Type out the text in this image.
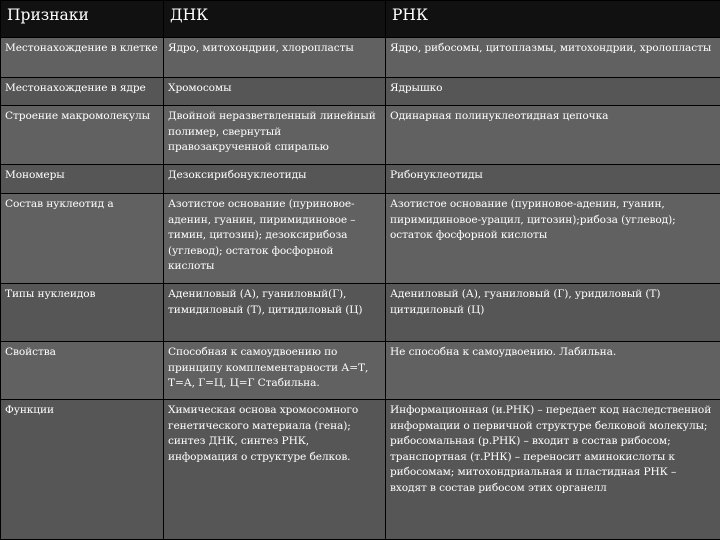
Признаки	ДНК	РНК
Местонахождение в клетке	Ядро, митохондрии, хлоропласты	Ядро, рибосомы, цитоплазмы, митохондрии, хролопласты
Местонахождение в ядре	Хромосомы	Ядрышко
Строение макромолекулы	Двойной неразветвленный линейный полимер, свернутый правозакрученной спиралью	Одинарная полинуклеотидная цепочка
Мономеры	Дезоксирибонуклеотиды	Рибонуклеотиды
Состав нуклеотид а	Азотистое основание (пуриновое-аденин, гуанин, пиримидиновое – тимин, цитозин); дезоксирибоза (углевод); остаток фосфорной кислоты	Азотистое основание (пуриновое-аденин, гуанин, пиримидиновое-урацил, цитозин);рибоза (углевод); остаток фосфорной кислоты
Типы нуклеидов	Адениловый (А), гуаниловый(Г), тимидиловый (Т), цитидиловый (Ц)	Адениловый (А), гуаниловый (Г), уридиловый (Т) цитидиловый (Ц)
Свойства	Способная к самоудвоению по принципу комплементарности А=Т, Т=А, Г=Ц, Ц=Г Стабильна.	Не способна к самоудвоению. Лабильна.
Функции	Химическая основа хромосомного генетического материала (гена); синтез ДНК, синтез РНК, информация о структуре белков.	Информационная (и.РНК) – передает код наследственной информации о первичной структуре белковой молекулы; рибосомальная (р.РНК) – входит в состав рибосом; транспортная (т.РНК) – переносит аминокислоты к рибосомам; митохондриальная и пластидная РНК – входят в состав рибосом этих органелл
